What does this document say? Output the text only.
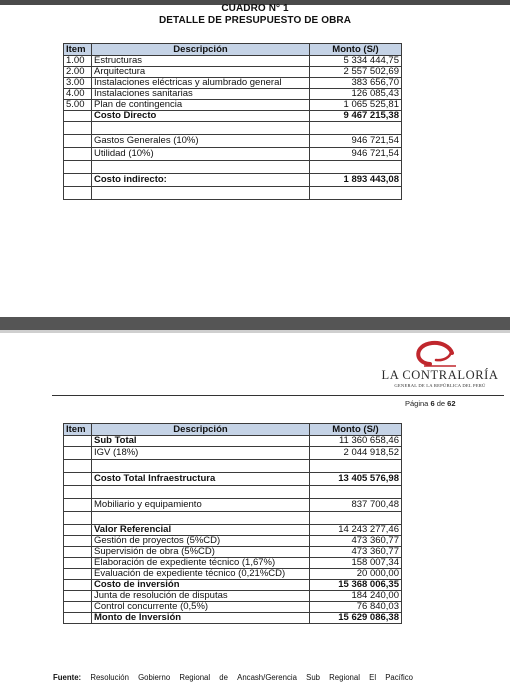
CUADRO N° 1
DETALLE DE PRESUPUESTO DE OBRA
Item	Descripción	Monto (S/)
1.00	Estructuras	5 334 444,75
2.00	Arquitectura	2 557 502,69
3.00	Instalaciones eléctricas y alumbrado general	383 656,70
4.00	Instalaciones sanitarias	126 085,43
5.00	Plan de contingencia	1 065 525,81
	Costo Directo	9 467 215,38

	Gastos Generales (10%)	946 721,54
	Utilidad (10%)	946 721,54

	Costo indirecto:	1 893 443,08

LA CONTRALORÍA
GENERAL DE LA REPÚBLICA DEL PERÚ
Página 6 de 62
Item	Descripción	Monto (S/)
	Sub Total	11 360 658,46
	IGV (18%)	2 044 918,52

	Costo Total Infraestructura	13 405 576,98

	Mobiliario y equipamiento	837 700,48

	Valor Referencial	14 243 277,46
	Gestión de proyectos (5%CD)	473 360,77
	Supervisión de obra (5%CD)	473 360,77
	Elaboración de expediente técnico (1,67%)	158 007,34
	Evaluación de expediente técnico (0,21%CD)	20 000,00
	Costo de inversión	15 368 006,35
	Junta de resolución de disputas	184 240,00
	Control concurrente (0,5%)	76 840,03
	Monto de Inversión	15 629 086,38
Fuente: Resolución Gobierno Regional de Ancash/Gerencia Sub Regional El Pacífico
